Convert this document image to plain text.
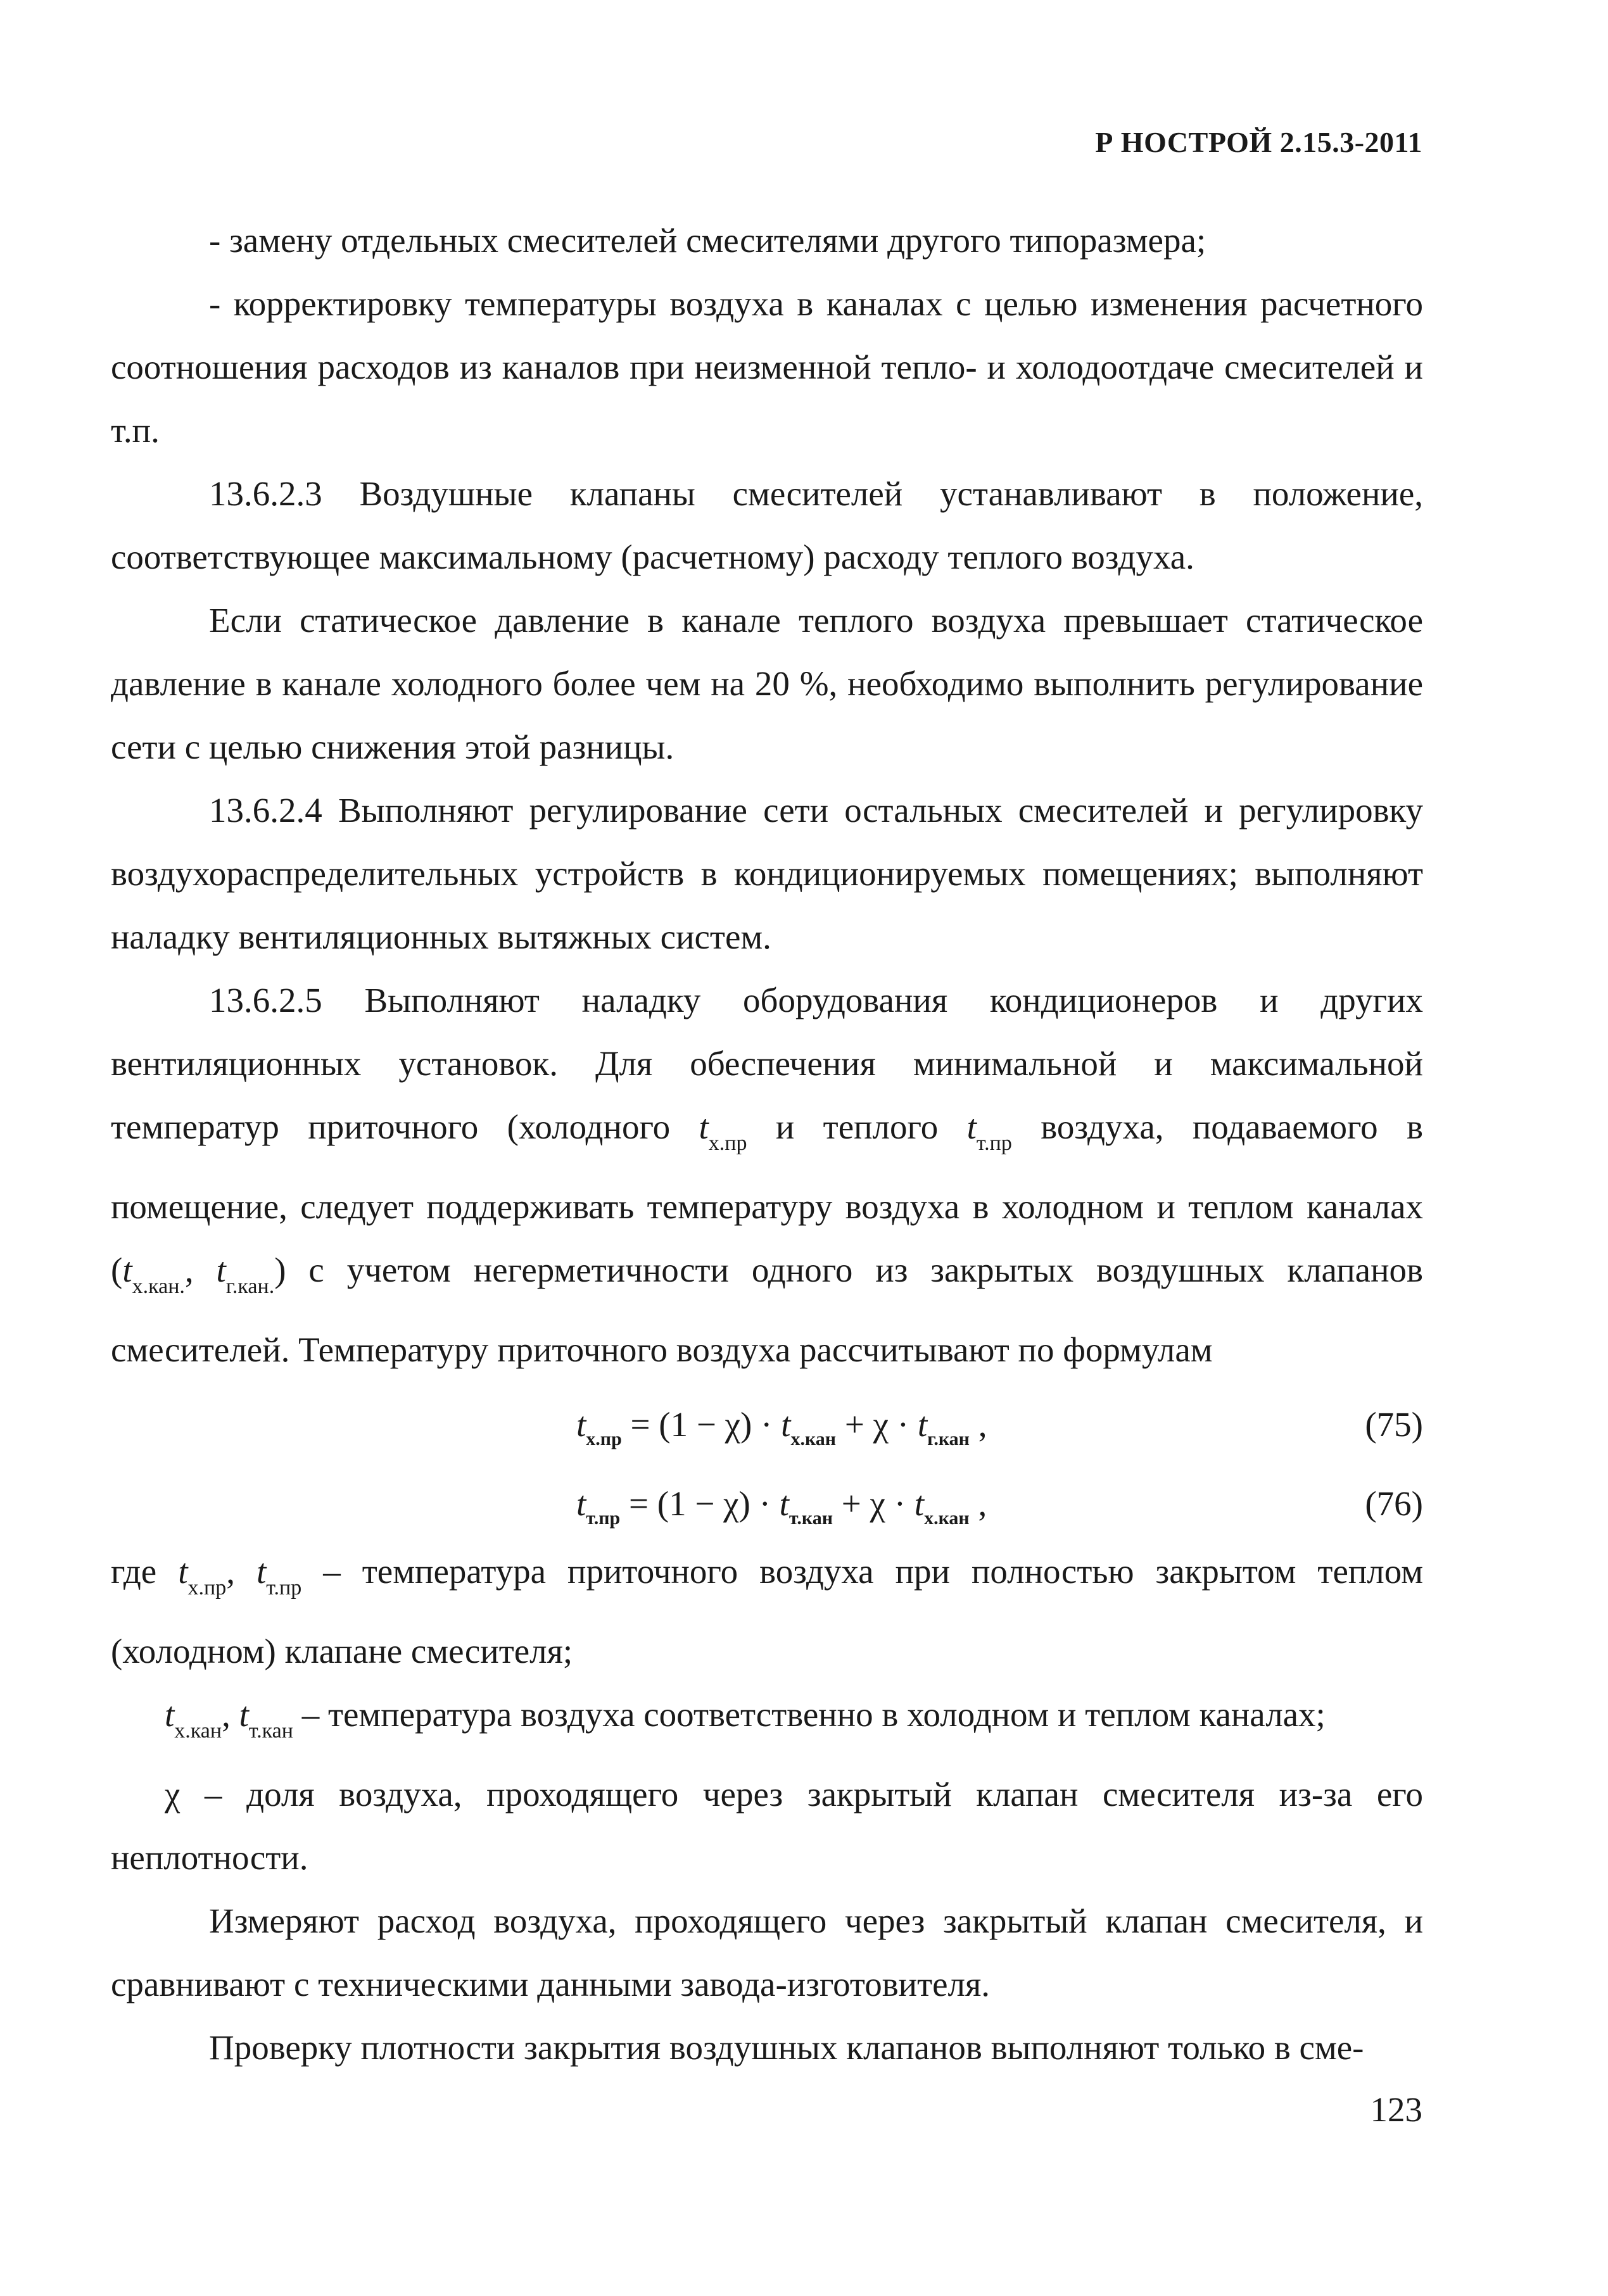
Р НОСТРОЙ 2.15.3-2011

- замену отдельных смесителей смесителями другого типоразмера;

- корректировку температуры воздуха в каналах с целью изменения расчетного соотношения расходов из каналов при неизменной тепло- и холодоотдаче смесителей и т.п.

13.6.2.3 Воздушные клапаны смесителей устанавливают в положение, соответствующее максимальному (расчетному) расходу теплого воздуха.

Если статическое давление в канале теплого воздуха превышает статическое давление в канале холодного более чем на 20 %, необходимо выполнить регулирование сети с целью снижения этой разницы.

13.6.2.4 Выполняют регулирование сети остальных смесителей и регулировку воздухораспределительных устройств в кондиционируемых помещениях; выполняют наладку вентиляционных вытяжных систем.

13.6.2.5 Выполняют наладку оборудования кондиционеров и других вентиляционных установок. Для обеспечения минимальной и максимальной температур приточного (холодного $t_{х.пр}$ и теплого $t_{т.пр}$ воздуха, подаваемого в помещение, следует поддерживать температуру воздуха в холодном и теплом каналах ($t_{х.кан.}$, $t_{г.кан.}$) с учетом негерметичности одного из закрытых воздушных клапанов смесителей. Температуру приточного воздуха рассчитывают по формулам

$t_{х.пр} = (1 - \chi) \cdot t_{х.кан} + \chi \cdot t_{г.кан}$ ,	(75)
$t_{т.пр} = (1 - \chi) \cdot t_{т.кан} + \chi \cdot t_{х.кан}$ ,	(76)

где $t_{х.пр}$, $t_{т.пр}$ – температура приточного воздуха при полностью закрытом теплом (холодном) клапане смесителя;

$t_{х.кан}$, $t_{т.кан}$ – температура воздуха соответственно в холодном и теплом каналах;

χ – доля воздуха, проходящего через закрытый клапан смесителя из-за его неплотности.

Измеряют расход воздуха, проходящего через закрытый клапан смесителя, и сравнивают с техническими данными завода-изготовителя.

Проверку плотности закрытия воздушных клапанов выполняют только в сме-

123
